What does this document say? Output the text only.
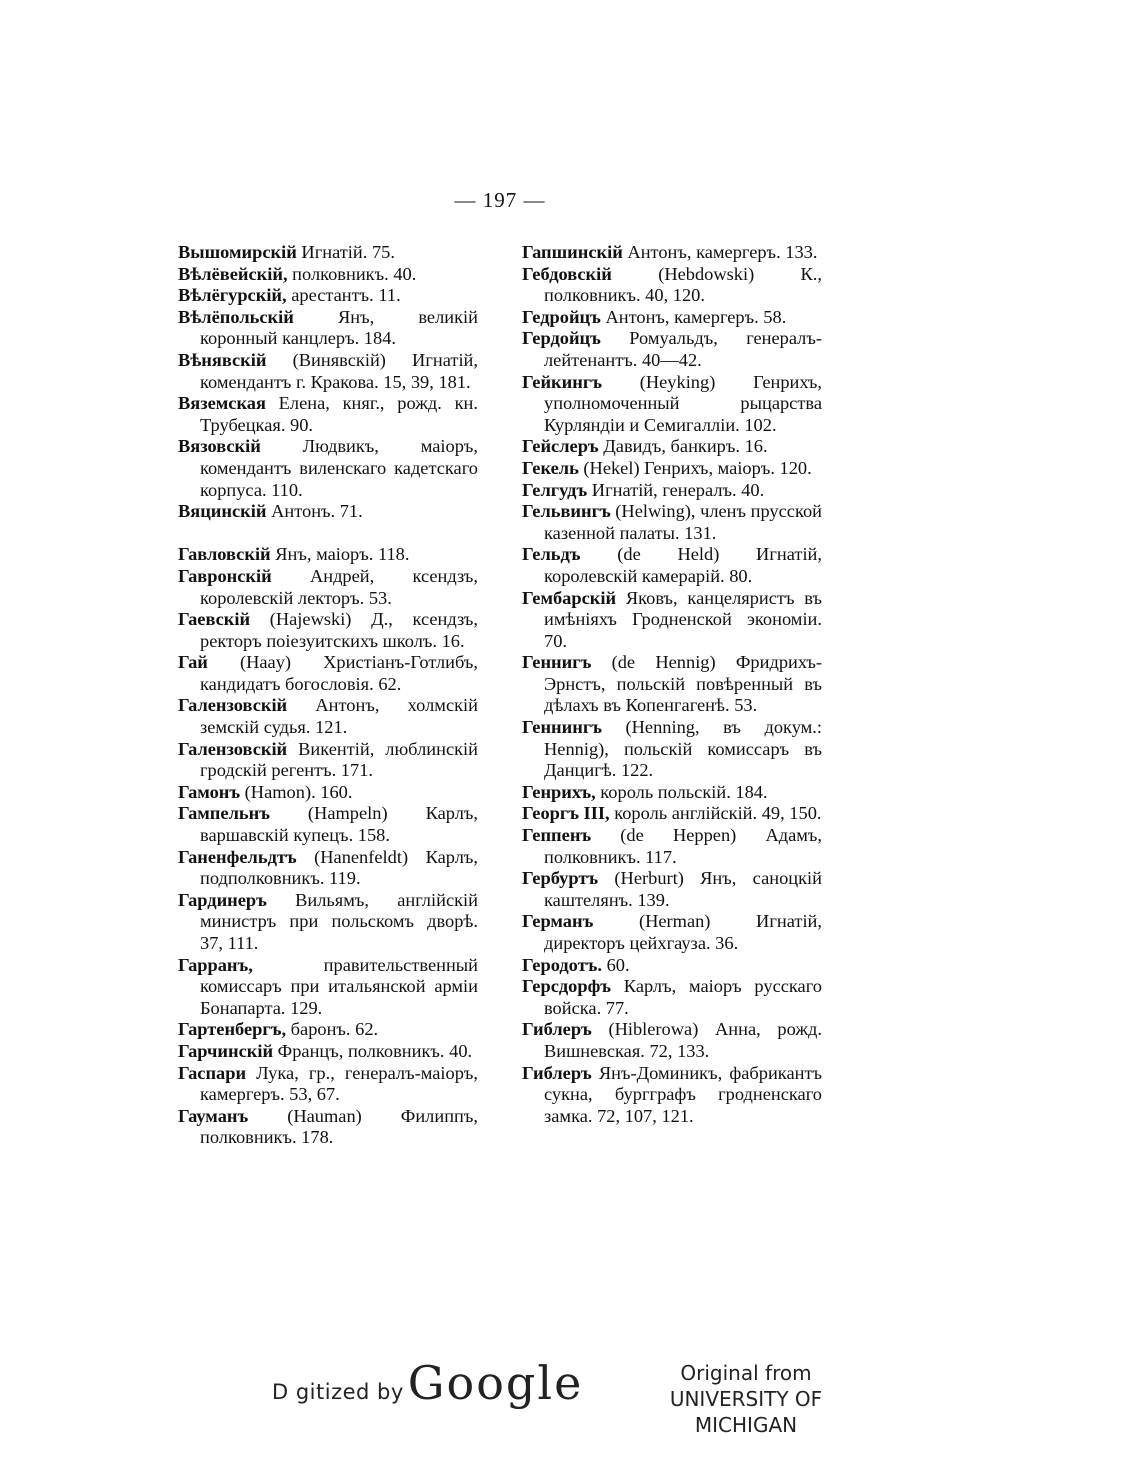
— 197 —

Вышомирскій Игнатій. 75.

Вѣлёвейскій, полковникъ. 40.

Вѣлёгурскій, арестантъ. 11.

Вѣлёпольскій Янъ, великій коронный канцлеръ. 184.

Вѣнявскій (Винявскій) Игнатій, комендантъ г. Кракова. 15, 39, 181.

Вяземская Елена, княг., рожд. кн. Трубецкая. 90.

Вязовскій Людвикъ, маіоръ, комендантъ виленскаго кадетскаго корпуса. 110.

Вяцинскій Антонъ. 71.

Гавловскій Янъ, маіоръ. 118.

Гавронскій Андрей, ксендзъ, королевскій лекторъ. 53.

Гаевскій (Hajewski) Д., ксендзъ, ректоръ поіезуитскихъ школъ. 16.

Гай (Haay) Христіанъ-Готлибъ, кандидатъ богословія. 62.

Галензовскій Антонъ, холмскій земскій судья. 121.

Галензовскій Викентій, люблинскій гродскій регентъ. 171.

Гамонъ (Hamon). 160.

Гампельнъ (Hampeln) Карлъ, варшавскій купецъ. 158.

Ганенфельдтъ (Hanenfeldt) Карлъ, подполковникъ. 119.

Гардинеръ Вильямъ, англійскій министръ при польскомъ дворѣ. 37, 111.

Гарранъ, правительственный комиссаръ при итальянской арміи Бонапарта. 129.

Гартенбергъ, баронъ. 62.

Гарчинскій Францъ, полковникъ. 40.

Гаспари Лука, гр., генералъ-маіоръ, камергеръ. 53, 67.

Гауманъ (Hauman) Филиппъ, полковникъ. 178.

Гапшинскій Антонъ, камергеръ. 133.

Гебдовскій (Hebdowski) К., полковникъ. 40, 120.

Гедройцъ Антонъ, камергеръ. 58.

Гердойцъ Ромуальдъ, генералъ-лейтенантъ. 40—42.

Гейкингъ (Heyking) Генрихъ, уполномоченный рыцарства Курляндіи и Семигалліи. 102.

Гейслеръ Давидъ, банкиръ. 16.

Гекель (Hekel) Генрихъ, маіоръ. 120.

Гелгудъ Игнатій, генералъ. 40.

Гельвингъ (Helwing), членъ прусской казенной палаты. 131.

Гельдъ (de Held) Игнатій, королевскій камерарій. 80.

Гембарскій Яковъ, канцеляристъ въ имѣніяхъ Гродненской экономіи. 70.

Геннигъ (de Hennig) Фридрихъ-Эрнстъ, польскій повѣренный въ дѣлахъ въ Копенгагенѣ. 53.

Геннингъ (Henning, въ докум.: Hennig), польскій комиссаръ въ Данцигѣ. 122.

Генрихъ, король польскій. 184.

Георгъ III, король англійскій. 49, 150.

Геппенъ (de Heppen) Адамъ, полковникъ. 117.

Гербуртъ (Herburt) Янъ, саноцкій каштелянъ. 139.

Германъ (Herman) Игнатій, директоръ цейхгауза. 36.

Геродотъ. 60.

Герсдорфъ Карлъ, маіоръ русскаго войска. 77.

Гиблеръ (Hiblerowa) Анна, рожд. Вишневская. 72, 133.

Гиблеръ Янъ-Доминикъ, фабрикантъ сукна, бургграфъ гродненскаго замка. 72, 107, 121.

D gitized byGoogle	Original from
UNIVERSITY OF MICHIGAN
